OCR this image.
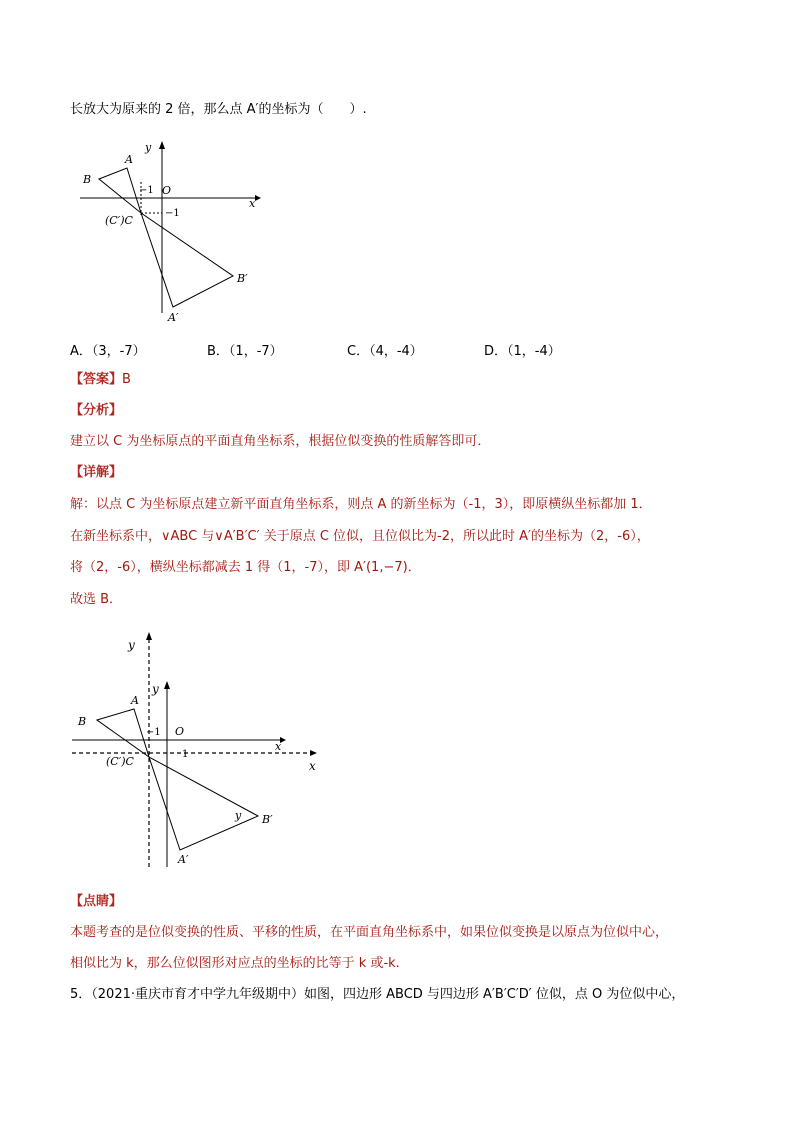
长放大为原来的 2 倍，那么点 A′的坐标为（　　）.
A
B
(C′)C
O
x
y
−1
−1
B′
A′
A．（3，-7）	B．（1，-7）	C．（4，-4）	D．（1，-4）
【答案】B
【分析】
建立以 C 为坐标原点的平面直角坐标系，根据位似变换的性质解答即可．
【详解】
解：以点 C 为坐标原点建立新平面直角坐标系，则点 A 的新坐标为（-1，3），即原横纵坐标都加 1．
在新坐标系中，∨ABC 与∨A′B′C′ 关于原点 C 位似，且位似比为-2，所以此时 A′的坐标为（2，-6），
将（2，-6），横纵坐标都减去 1 得（1，-7），即 A′(1,−7)．
故选 B．
y
y
A
B
O
−1
1
x
x
(C′)C
y B′
A′
【点睛】
本题考查的是位似变换的性质、平移的性质，在平面直角坐标系中，如果位似变换是以原点为位似中心，
相似比为 k，那么位似图形对应点的坐标的比等于 k 或-k.
5．（2021·重庆市育才中学九年级期中）如图，四边形 ABCD 与四边形 A′B′C′D′ 位似，点 O 为位似中心，
